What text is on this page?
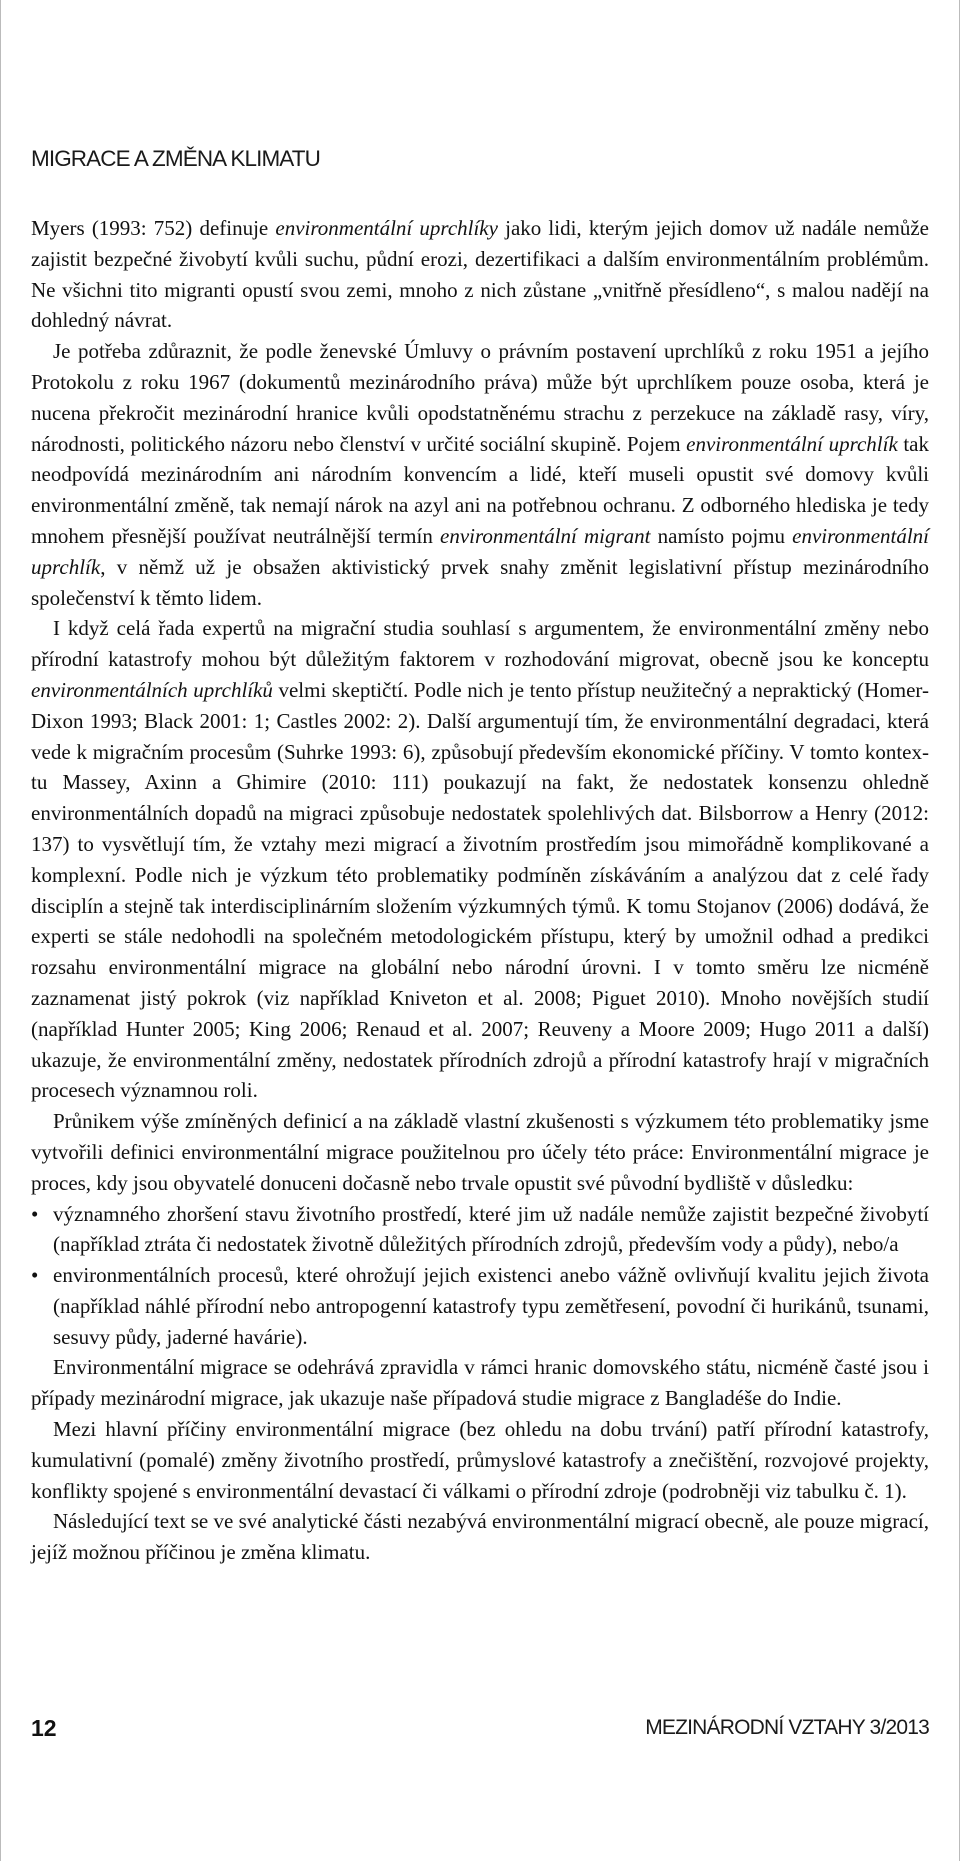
MIGRACE A ZMĚNA KLIMATU

Myers (1993: 752) definuje environmentální uprchlíky jako lidi, kterým jejich domov už nadále nemůže zajistit bezpečné živobytí kvůli suchu, půdní erozi, dezertifikaci a dalším environmentálním problémům. Ne všichni tito migranti opustí svou zemi, mnoho z nich zůstane „vnitřně přesídleno“, s malou nadějí na dohledný návrat.

Je potřeba zdůraznit, že podle ženevské Úmluvy o právním postavení uprchlíků z roku 1951 a jejího Protokolu z roku 1967 (dokumentů mezinárodního práva) může být uprchlíkem pouze osoba, která je nucena překročit mezinárodní hranice kvůli opodstatněnému strachu z perzekuce na základě rasy, víry, národnosti, politického názoru nebo členství v určité sociální skupině. Pojem environmentální uprchlík tak neodpovídá mezinárodním ani národním konvencím a lidé, kteří museli opustit své domovy kvůli environmentální změně, tak nemají nárok na azyl ani na potřebnou ochranu. Z odborného hlediska je tedy mnohem přesnější používat neutrálnější termín environmentální migrant namísto pojmu environmentální uprchlík, v němž už je obsažen aktivistický prvek snahy změnit legislativní přístup mezinárodního společenství k těmto lidem.

I když celá řada expertů na migrační studia souhlasí s argumentem, že environmentální změny nebo přírodní katastrofy mohou být důležitým faktorem v rozhodování migrovat, obecně jsou ke konceptu environmentálních uprchlíků velmi skeptičtí. Podle nich je tento přístup neužitečný a nepraktický (Homer-Dixon 1993; Black 2001: 1; Castles 2002: 2). Další argumentují tím, že environmentální degradaci, která vede k migračním procesům (Suhrke 1993: 6), způsobují především ekonomické příčiny. V tomto kontextu Massey, Axinn a Ghimire (2010: 111) poukazují na fakt, že nedostatek konsenzu ohledně environmentálních dopadů na migraci způsobuje nedostatek spolehlivých dat. Bilsborrow a Henry (2012: 137) to vysvětlují tím, že vztahy mezi migrací a životním prostředím jsou mimořádně komplikované a komplexní. Podle nich je výzkum této problematiky podmíněn získáváním a analýzou dat z celé řady disciplín a stejně tak interdisciplinárním složením výzkumných týmů. K tomu Stojanov (2006) dodává, že experti se stále nedohodli na společném metodologickém přístupu, který by umožnil odhad a predikci rozsahu environmentální migrace na globální nebo národní úrovni. I v tomto směru lze nicméně zaznamenat jistý pokrok (viz například Kniveton et al. 2008; Piguet 2010). Mnoho novějších studií (například Hunter 2005; King 2006; Renaud et al. 2007; Reuveny a Moore 2009; Hugo 2011 a další) ukazuje, že environmentální změny, nedostatek přírodních zdrojů a přírodní katastrofy hrají v migračních procesech významnou roli.

Průnikem výše zmíněných definicí a na základě vlastní zkušenosti s výzkumem této problematiky jsme vytvořili definici environmentální migrace použitelnou pro účely této práce: Environmentální migrace je proces, kdy jsou obyvatelé donuceni dočasně nebo trvale opustit své původní bydliště v důsledku:

• významného zhoršení stavu životního prostředí, které jim už nadále nemůže zajistit bezpečné živobytí (například ztráta či nedostatek životně důležitých přírodních zdrojů, především vody a půdy), nebo/a
• environmentálních procesů, které ohrožují jejich existenci anebo vážně ovlivňují kvalitu jejich života (například náhlé přírodní nebo antropogenní katastrofy typu zemětřesení, povodní či hurikánů, tsunami, sesuvy půdy, jaderné havárie).

Environmentální migrace se odehrává zpravidla v rámci hranic domovského státu, nicméně časté jsou i případy mezinárodní migrace, jak ukazuje naše případová studie migrace z Bangladéše do Indie.

Mezi hlavní příčiny environmentální migrace (bez ohledu na dobu trvání) patří přírodní katastrofy, kumulativní (pomalé) změny životního prostředí, průmyslové katastrofy a znečištění, rozvojové projekty, konflikty spojené s environmentální devastací či válkami o přírodní zdroje (podrobněji viz tabulku č. 1).

Následující text se ve své analytické části nezabývá environmentální migrací obecně, ale pouze migrací, jejíž možnou příčinou je změna klimatu.

12	MEZINÁRODNÍ VZTAHY 3/2013
